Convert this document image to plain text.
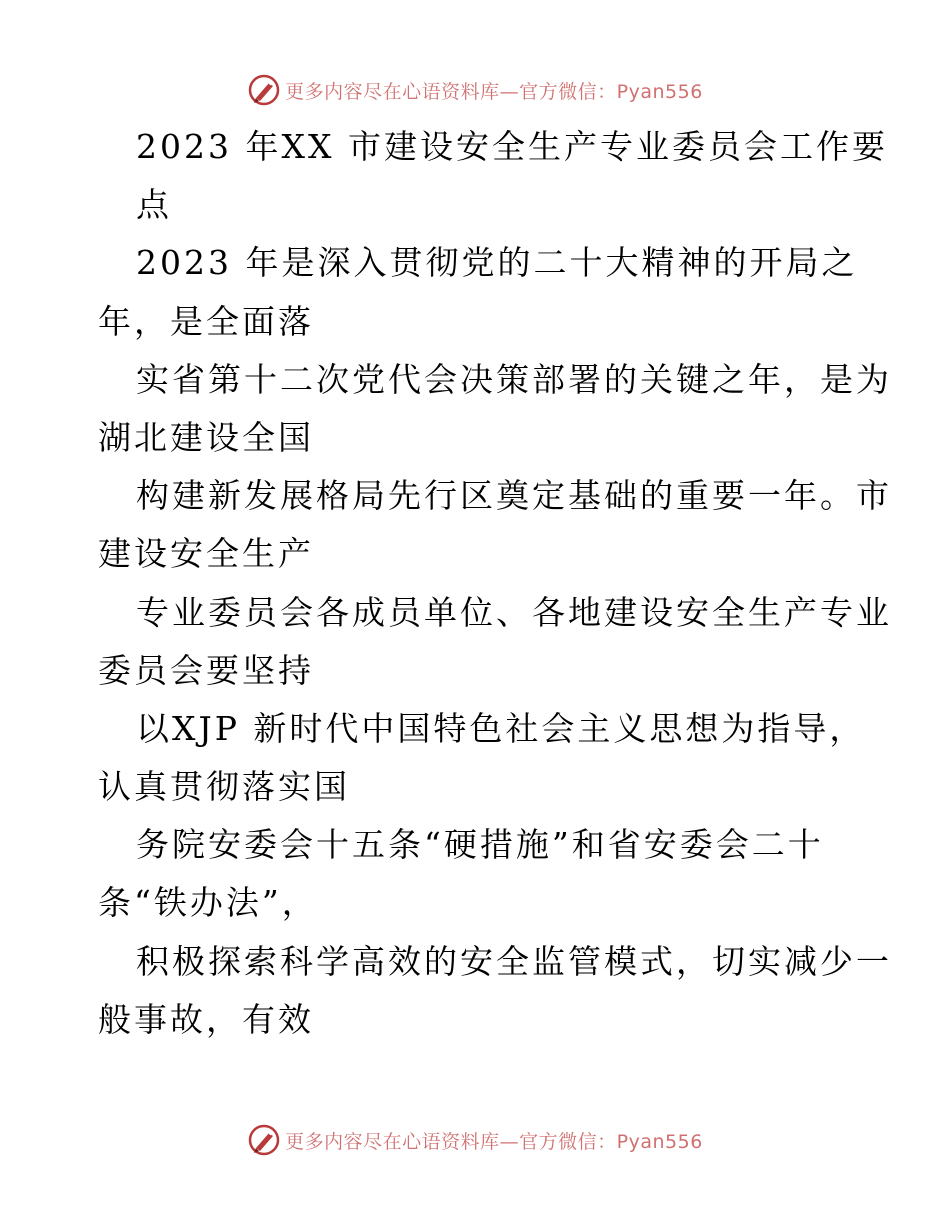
更多内容尽在心语资料库—官方微信：Pyan556
2023 年XX 市建设安全生产专业委员会工作要
点
2023 年是深入贯彻党的二十大精神的开局之
年，是全面落
实省第十二次党代会决策部署的关键之年，是为
湖北建设全国
构建新发展格局先行区奠定基础的重要一年。市
建设安全生产
专业委员会各成员单位、各地建设安全生产专业
委员会要坚持
以XJP 新时代中国特色社会主义思想为指导，
认真贯彻落实国
务院安委会十五条“硬措施”和省安委会二十
条“铁办法”，
积极探索科学高效的安全监管模式，切实减少一
般事故，有效
更多内容尽在心语资料库—官方微信：Pyan556
